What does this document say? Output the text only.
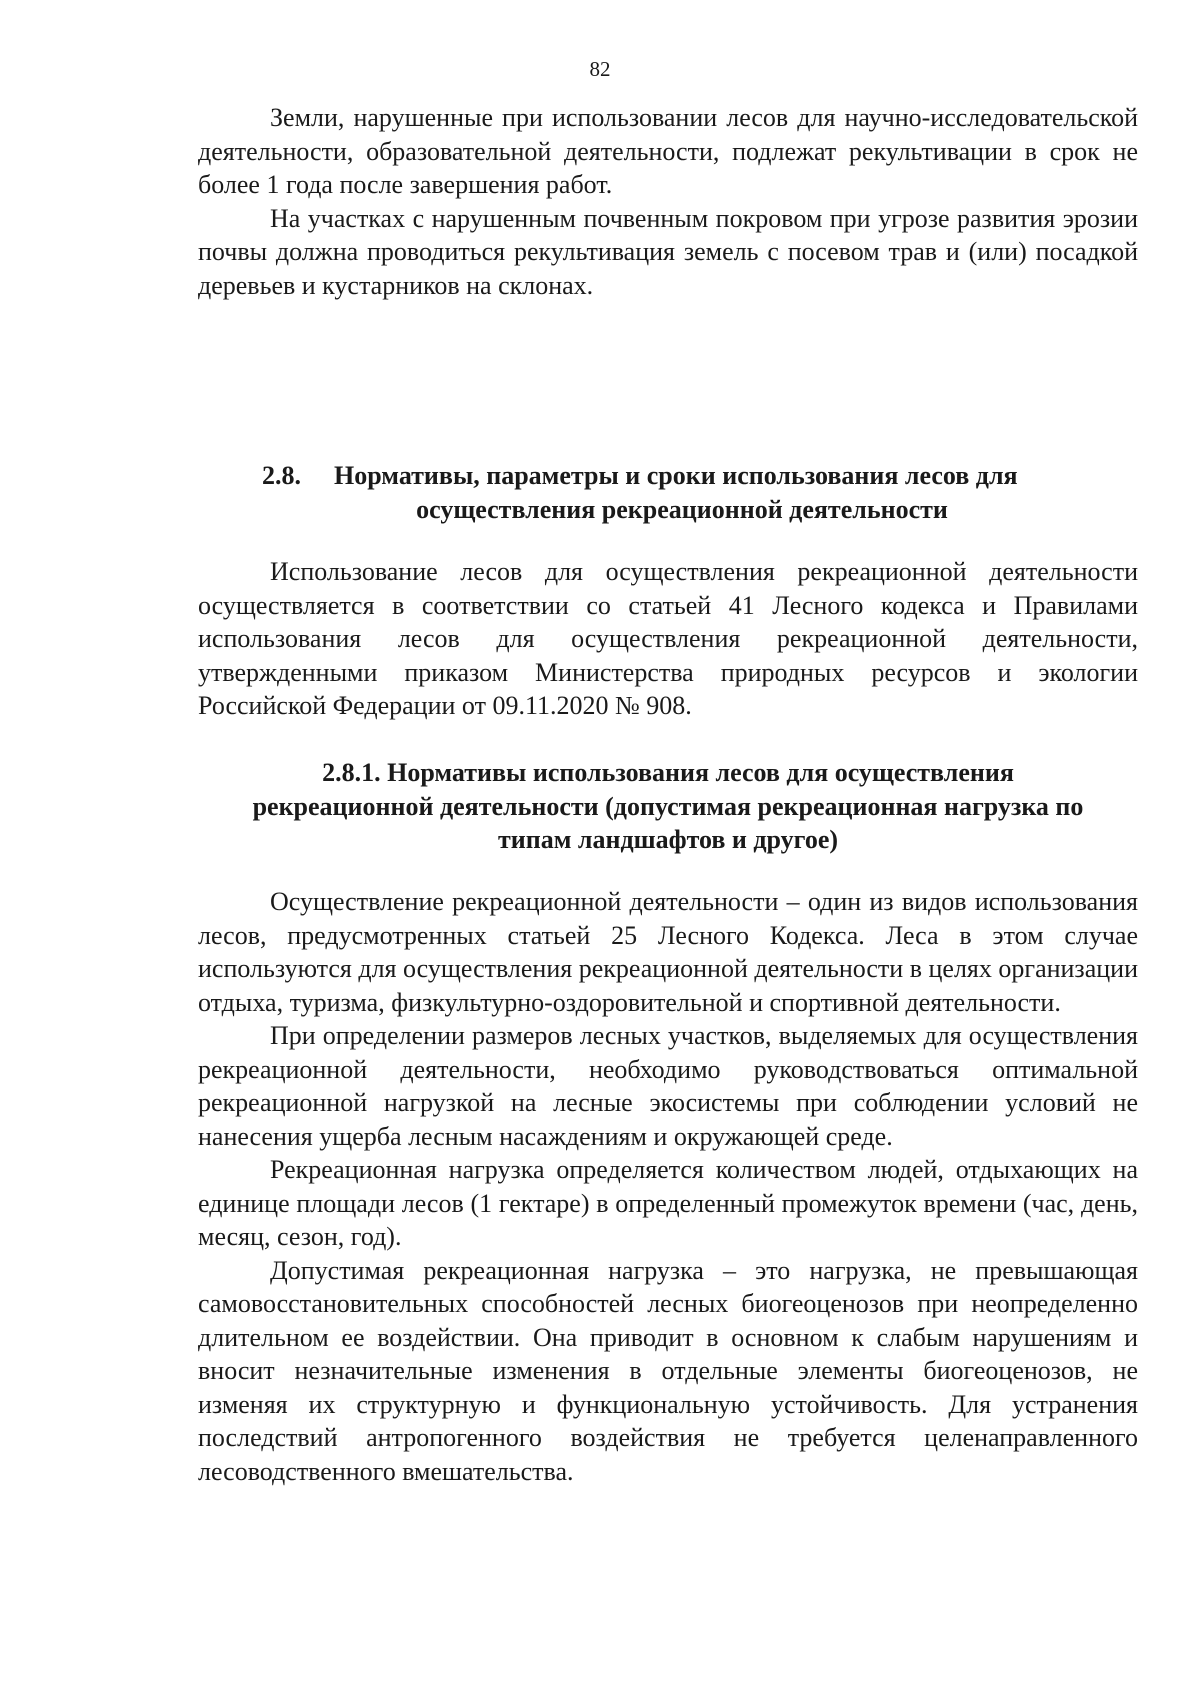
82

Земли, нарушенные при использовании лесов для научно-исследовательской деятельности, образовательной деятельности, подлежат рекультивации в срок не более 1 года после завершения работ.

На участках с нарушенным почвенным покровом при угрозе развития эрозии почвы должна проводиться рекультивация земель с посевом трав и (или) посадкой деревьев и кустарников на склонах.

2.8. Нормативы, параметры и сроки использования лесов для
осуществления рекреационной деятельности

Использование лесов для осуществления рекреационной деятельности осуществляется в соответствии со статьей 41 Лесного кодекса и Правилами использования лесов для осуществления рекреационной деятельности, утвержденными приказом Министерства природных ресурсов и экологии Российской Федерации от 09.11.2020 № 908.

2.8.1. Нормативы использования лесов для осуществления
рекреационной деятельности (допустимая рекреационная нагрузка по
типам ландшафтов и другое)

Осуществление рекреационной деятельности – один из видов использования лесов, предусмотренных статьей 25 Лесного Кодекса. Леса в этом случае используются для осуществления рекреационной деятельности в целях организации отдыха, туризма, физкультурно-оздоровительной и спортивной деятельности.

При определении размеров лесных участков, выделяемых для осуществления рекреационной деятельности, необходимо руководствоваться оптимальной рекреационной нагрузкой на лесные экосистемы при соблюдении условий не нанесения ущерба лесным насаждениям и окружающей среде.

Рекреационная нагрузка определяется количеством людей, отдыхающих на единице площади лесов (1 гектаре) в определенный промежуток времени (час, день, месяц, сезон, год).

Допустимая рекреационная нагрузка – это нагрузка, не превышающая самовосстановительных способностей лесных биогеоценозов при неопределенно длительном ее воздействии. Она приводит в основном к слабым нарушениям и вносит незначительные изменения в отдельные элементы биогеоценозов, не изменяя их структурную и функциональную устойчивость. Для устранения последствий антропогенного воздействия не требуется целенаправленного лесоводственного вмешательства.
